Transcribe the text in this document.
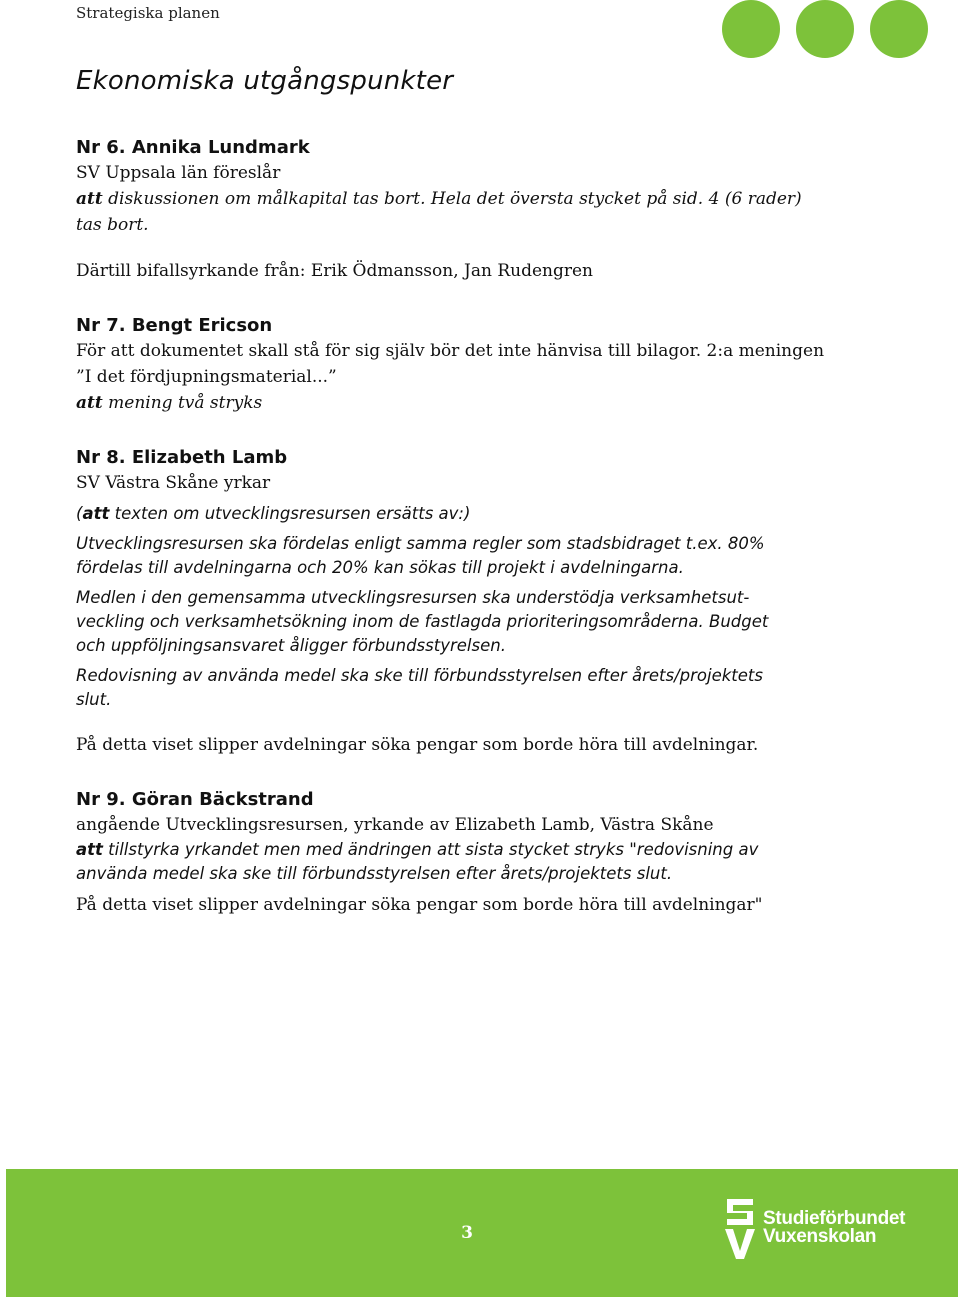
Strategiska planen
Ekonomiska utgångspunkter

Nr 6. Annika Lundmark

SV Uppsala län föreslår

att diskussionen om målkapital tas bort. Hela det översta stycket på sid. 4 (6 rader)

tas bort.

Därtill bifallsyrkande från: Erik Ödmansson, Jan Rudengren

Nr 7. Bengt Ericson

För att dokumentet skall stå för sig själv bör det inte hänvisa till bilagor. 2:a meningen

”I det fördjupningsmaterial...”

att mening två stryks

Nr 8. Elizabeth Lamb

SV Västra Skåne yrkar

(att texten om utvecklingsresursen ersätts av:)

Utvecklingsresursen ska fördelas enligt samma regler som stadsbidraget t.ex. 80%

fördelas till avdelningarna och 20% kan sökas till projekt i avdelningarna.

Medlen i den gemensamma utvecklingsresursen ska understödja verksamhetsut-

veckling och verksamhetsökning inom de fastlagda prioriteringsområderna. Budget

och uppföljningsansvaret åligger förbundsstyrelsen.

Redovisning av använda medel ska ske till förbundsstyrelsen efter årets/projektets

slut.

På detta viset slipper avdelningar söka pengar som borde höra till avdelningar.

Nr 9. Göran Bäckstrand

angående Utvecklingsresursen, yrkande av Elizabeth Lamb, Västra Skåne

att tillstyrka yrkandet men med ändringen att sista stycket stryks "redovisning av

använda medel ska ske till förbundsstyrelsen efter årets/projektets slut.

På detta viset slipper avdelningar söka pengar som borde höra till avdelningar"

3
Studieförbundet
Vuxenskolan
